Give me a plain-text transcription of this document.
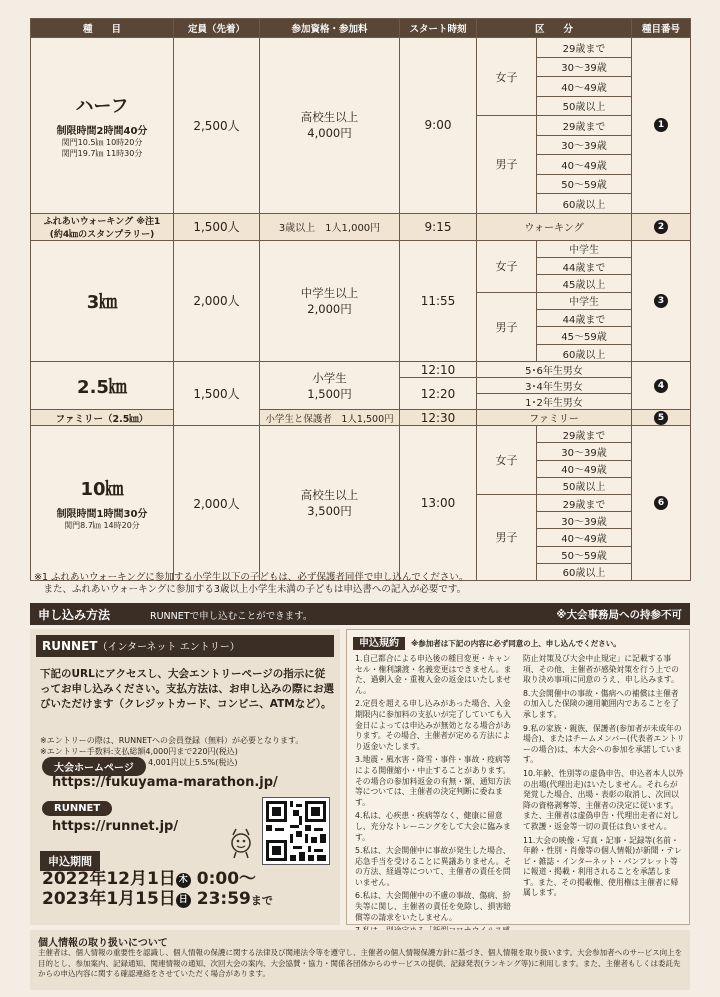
種　　目	定員（先着）	参加資格・参加料	スタート時刻	区　　分		種目番号
ハーフ
制限時間2時間40分
関門10.5㎞ 10時20分
関門19.7㎞ 11時30分	2,500人	高校生以上
4,000円	9:00	女子	29歳まで	1
					30～39歳	
					40～49歳	
					50歳以上	
				男子	29歳まで	
					30～39歳	
					40～49歳	
					50～59歳	
					60歳以上	
ふれあいウォーキング ※注1
(約4㎞のスタンプラリー)	1,500人	3歳以上　1人1,000円	9:15	ウォーキング		2
3㎞	2,000人	中学生以上
2,000円	11:55	女子	中学生	3
					44歳まで	
					45歳以上	
				男子	中学生	
					44歳まで	
					45～59歳	
					60歳以上	
2.5㎞	1,500人	小学生
1,500円	12:10	5･6年生男女		4
			12:20	3･4年生男女		
				1･2年生男女		
ファミリー（2.5㎞）		小学生と保護者　1人1,500円	12:30	ファミリー		5
10㎞
制限時間1時間30分
関門8.7㎞ 14時20分	2,000人	高校生以上
3,500円	13:00	女子	29歳まで	6
					30～39歳	
					40～49歳	
					50歳以上	
				男子	29歳まで	
					30～39歳	
					40～49歳	
					50～59歳	
					60歳以上	
※1 ふれあいウォーキングに参加する小学生以下の子どもは、必ず保護者同伴で申し込んでください。
　また、ふれあいウォーキングに参加する3歳以上小学生未満の子どもは申込書への記入が必要です。
申し込み方法	RUNNETで申し込むことができます。	※大会事務局への持参不可
RUNNET（インターネット エントリー）
下記のURLにアクセスし、大会エントリーページの指示に従ってお申し込みください。支払方法は、お申し込みの際にお選びいただけます（クレジットカード、コンビニ、ATMなど）。
※エントリーの際は、RUNNETへの会員登録（無料）が必要となります。
※エントリー手数料:支払総額4,000円まで220円(税込)
4,001円以上5.5%(税込)
大会ホームページ
https://fukuyama-marathon.jp/
RUNNET
https://runnet.jp/
申込期間
2022年12月1日 木 0:00～
2023年1月15日 日 23:59まで
申込規約 ※参加者は下記の内容に必ず同意の上、申し込んでください。

1.自己都合による申込後の種目変更・キャンセル・権利譲渡・名義変更はできません。また、過剰入金・重複入金の返金はいたしません。

2.定員を超える申し込みがあった場合、入金期限内に参加料の支払いが完了していても入金日によっては申込みが無効となる場合があります。その場合、主催者が定める方法により返金いたします。

3.地震・風水害・降雪・事件・事故・疫病等による開催縮小・中止することがあります。その場合の参加料返金の有無・額、通知方法等については、主催者の決定判断に委ねます。

4.私は、心疾患・疾病等なく、健康に留意し、充分なトレーニングをして大会に臨みます。

5.私は、大会開催中に事故が発生した場合、応急手当を受けることに異議ありません。その方法、経過等について、主催者の責任を問いません。

6.私は、大会開催中の不慮の事故、傷病、紛失等に関し、主催者の責任を免除し、損害賠償等の請求をいたしません。

防止対策及び大会中止規定」に記載する事項、その他、主催者が感染対策を行う上での取り決め事項に同意のうえ、申し込みます。

8.大会開催中の事故・傷病への補償は主催者の加入した保険の適用範囲内であることを了承します。

9.私の家族・親族、保護者(参加者が未成年の場合)、またはチームメンバー(代表者エントリーの場合)は、本大会への参加を承諾しています。

10.年齢、性別等の虚偽申告、申込者本人以外の出場(代理出走)はいたしません。それらが発覚した場合、出場・表彰の取消し、次回以降の資格剥奪等、主催者の決定に従います。また、主催者は虚偽申告・代理出走者に対して救護・返金等一切の責任は負いません。

11.大会の映像・写真・記事・記録等(名前・年齢・性別・肖像等の個人情報)が新聞・テレビ・雑誌・インターネット・パンフレット等に報道・掲載・利用されることを承諾します。また、その掲載権、使用権は主催者に帰属します。

個人情報の取り扱いについて
主催者は、個人情報の重要性を認識し、個人情報の保護に関する法律及び関連法令等を遵守し、主催者の個人情報保護方針に基づき、個人情報を取り扱います。大会参加者へのサービス向上を目的とし、参加案内、記録通知、関連情報の通知、次回大会の案内、大会協賛・協力・関係各団体からのサービスの提供、記録発表(ランキング等)に利用します。また、主催者もしくは委託先からの申込内容に関する確認連絡をさせていただく場合があります。
